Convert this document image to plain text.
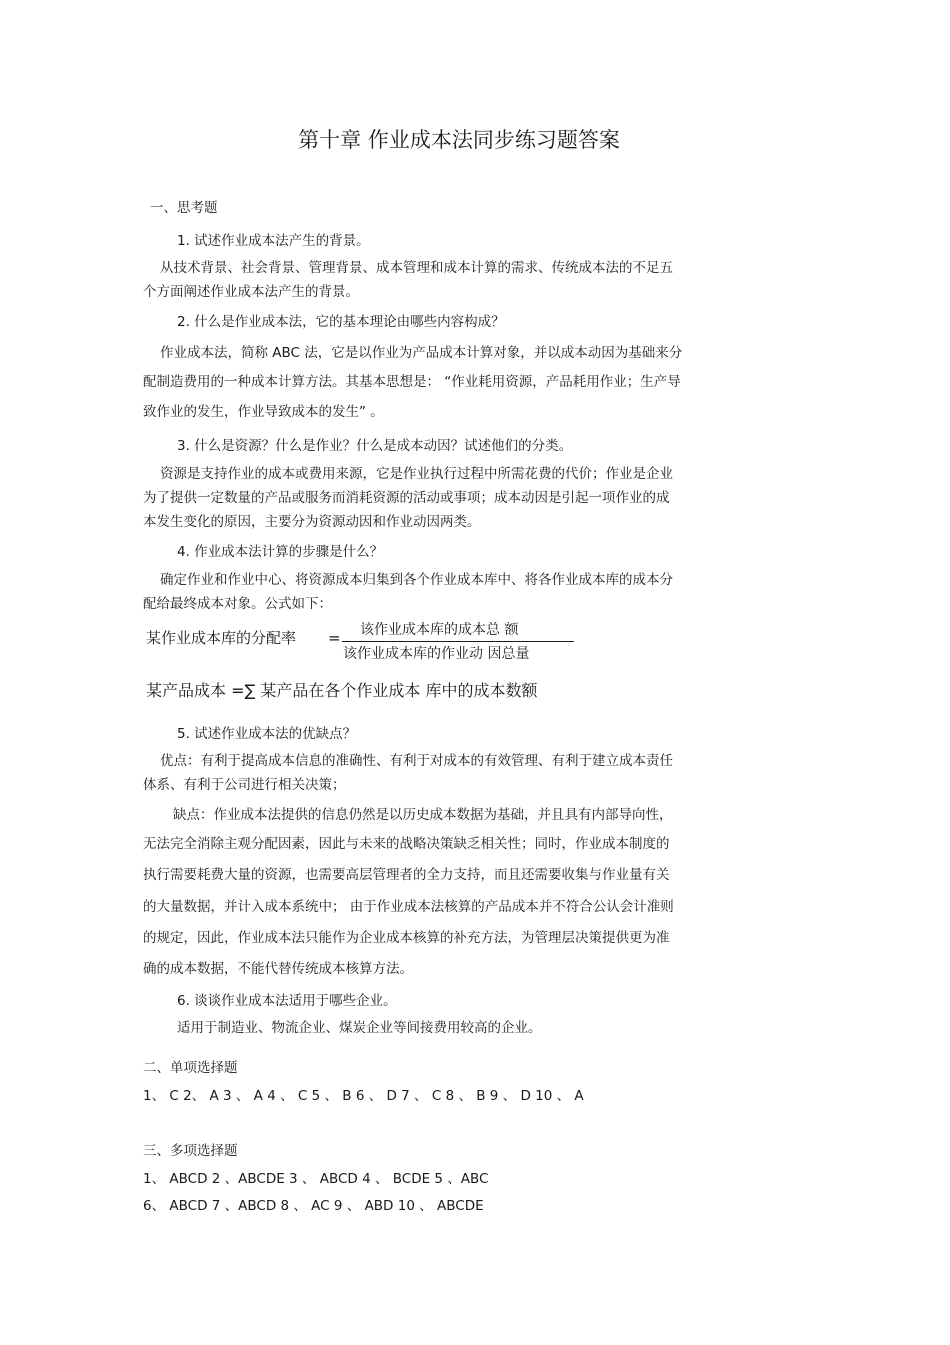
第十章 作业成本法同步练习题答案
一、思考题
1. 试述作业成本法产生的背景。
从技术背景、社会背景、管理背景、成本管理和成本计算的需求、传统成本法的不足五
个方面阐述作业成本法产生的背景。
2. 什么是作业成本法，它的基本理论由哪些内容构成？
作业成本法，简称 ABC 法，它是以作业为产品成本计算对象，并以成本动因为基础来分
配制造费用的一种成本计算方法。其基本思想是： “作业耗用资源，产品耗用作业；生产导
致作业的发生，作业导致成本的发生” 。
3. 什么是资源？什么是作业？什么是成本动因？试述他们的分类。
资源是支持作业的成本或费用来源，它是作业执行过程中所需花费的代价；作业是企业
为了提供一定数量的产品或服务而消耗资源的活动或事项；成本动因是引起一项作业的成
本发生变化的原因，主要分为资源动因和作业动因两类。
4. 作业成本法计算的步骤是什么？
确定作业和作业中心、将资源成本归集到各个作业成本库中、将各作业成本库的成本分
配给最终成本对象。公式如下：
某作业成本库的分配率 = 该作业成本库的成本总 额
该作业成本库的作业动 因总量
某产品成本 =∑ 某产品在各个作业成本 库中的成本数额
5. 试述作业成本法的优缺点？
优点：有利于提高成本信息的准确性、有利于对成本的有效管理、有利于建立成本责任
体系、有利于公司进行相关决策；
缺点：作业成本法提供的信息仍然是以历史成本数据为基础，并且具有内部导向性，
无法完全消除主观分配因素，因此与未来的战略决策缺乏相关性；同时，作业成本制度的
执行需要耗费大量的资源，也需要高层管理者的全力支持，而且还需要收集与作业量有关
的大量数据，并计入成本系统中； 由于作业成本法核算的产品成本并不符合公认会计准则
的规定，因此，作业成本法只能作为企业成本核算的补充方法，为管理层决策提供更为准
确的成本数据，不能代替传统成本核算方法。
6. 谈谈作业成本法适用于哪些企业。
适用于制造业、物流企业、煤炭企业等间接费用较高的企业。
二、单项选择题
1、 C 2、 A 3 、 A 4 、 C 5 、 B 6 、 D 7 、 C 8 、 B 9 、 D 10 、 A
三、多项选择题
1、 ABCD 2 、ABCDE 3 、 ABCD 4 、 BCDE 5 、ABC
6、 ABCD 7 、ABCD 8 、 AC 9 、 ABD 10 、 ABCDE
